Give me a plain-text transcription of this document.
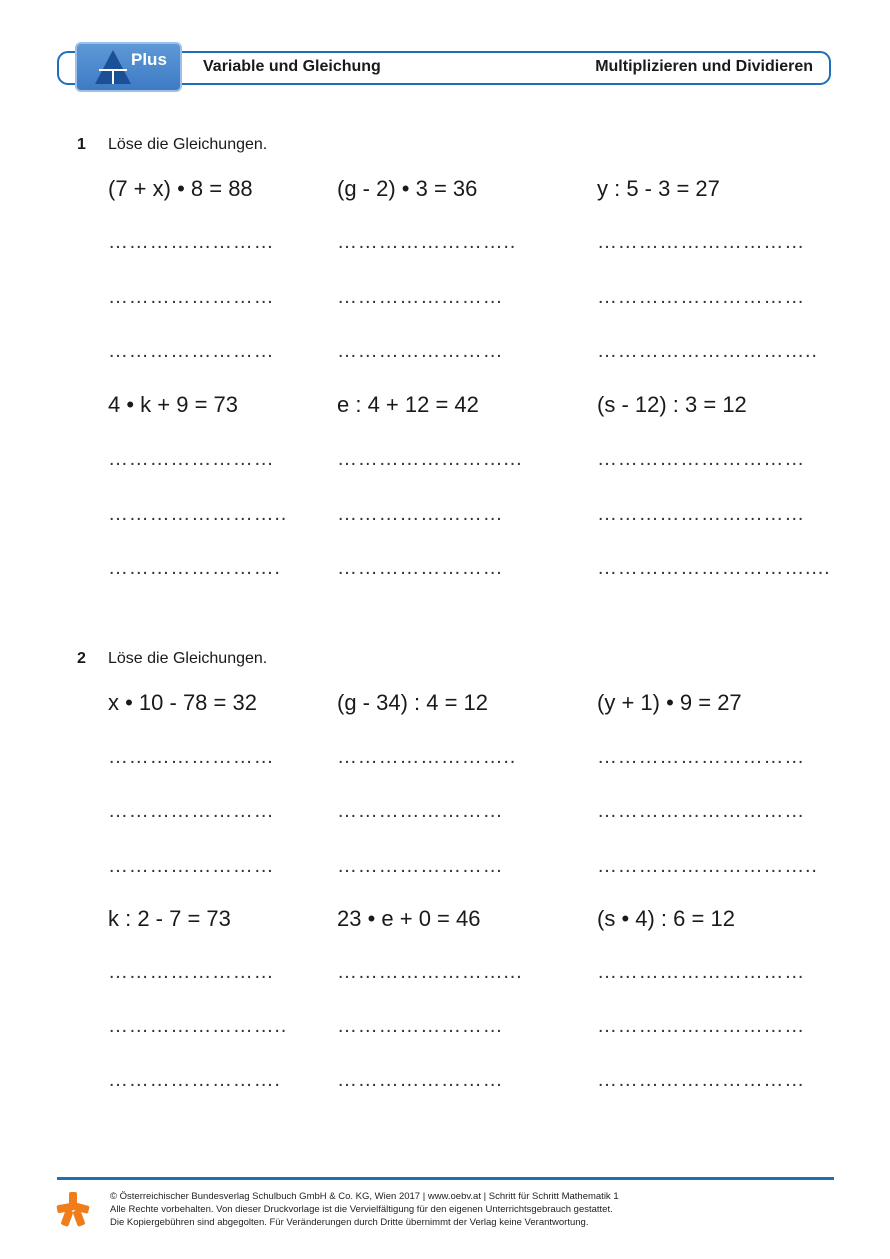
Plus Variable und Gleichung	Multiplizieren und Dividieren
1 Löse die Gleichungen.
(7 + x) • 8 = 88	(g - 2) • 3 = 36	y : 5 - 3 = 27
……………………	……………………..	…………………………
……………………	……………………	…………………………
……………………	……………………	…………………………..
4 • k + 9 = 73	e : 4 + 12 = 42	(s - 12) : 3 = 12
……………………	……………………...	…………………………
…………………….. ……………………	…………………………
…………………….	……………………	…………………………....
2 Löse die Gleichungen.
x • 10 - 78 = 32	(g - 34) : 4 = 12	(y + 1) • 9 = 27
……………………	……………………..	…………………………
……………………	……………………	…………………………
……………………	……………………	…………………………..
k : 2 - 7 = 73	23 • e + 0 = 46	(s • 4) : 6 = 12
……………………	……………………...	…………………………
…………………….. ……………………	…………………………
…………………….	……………………	…………………………
© Österreichischer Bundesverlag Schulbuch GmbH & Co. KG, Wien 2017 | www.oebv.at | Schritt für Schritt Mathematik 1
Alle Rechte vorbehalten. Von dieser Druckvorlage ist die Vervielfältigung für den eigenen Unterrichtsgebrauch gestattet.
Die Kopiergebühren sind abgegolten. Für Veränderungen durch Dritte übernimmt der Verlag keine Verantwortung.
